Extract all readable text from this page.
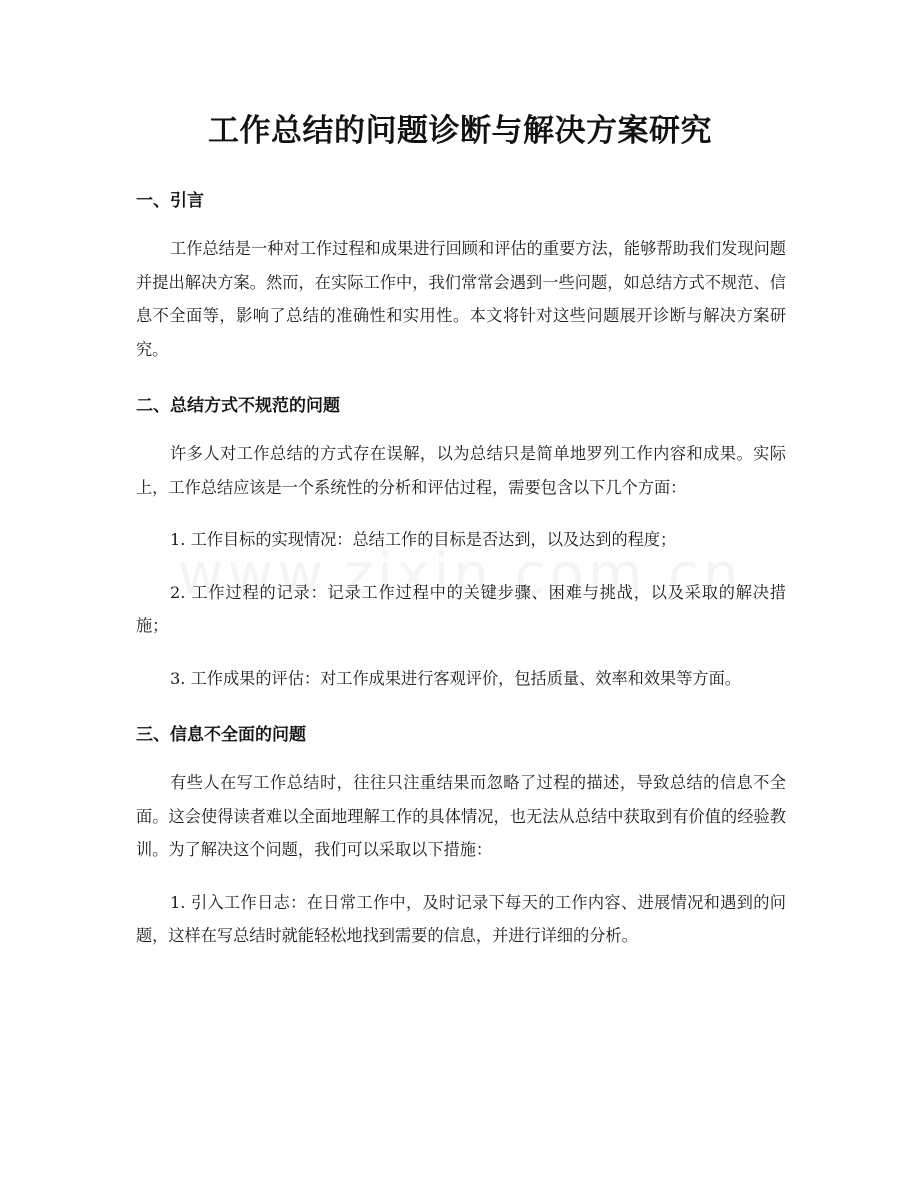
工作总结的问题诊断与解决方案研究
一、引言

工作总结是一种对工作过程和成果进行回顾和评估的重要方法，能够帮助我们发现问题并提出解决方案。然而，在实际工作中，我们常常会遇到一些问题，如总结方式不规范、信息不全面等，影响了总结的准确性和实用性。本文将针对这些问题展开诊断与解决方案研究。

二、总结方式不规范的问题

许多人对工作总结的方式存在误解，以为总结只是简单地罗列工作内容和成果。实际上，工作总结应该是一个系统性的分析和评估过程，需要包含以下几个方面：

1. 工作目标的实现情况：总结工作的目标是否达到，以及达到的程度；

2. 工作过程的记录：记录工作过程中的关键步骤、困难与挑战，以及采取的解决措施；

3. 工作成果的评估：对工作成果进行客观评价，包括质量、效率和效果等方面。

三、信息不全面的问题

有些人在写工作总结时，往往只注重结果而忽略了过程的描述，导致总结的信息不全面。这会使得读者难以全面地理解工作的具体情况，也无法从总结中获取到有价值的经验教训。为了解决这个问题，我们可以采取以下措施：

1. 引入工作日志：在日常工作中，及时记录下每天的工作内容、进展情况和遇到的问题，这样在写总结时就能轻松地找到需要的信息，并进行详细的分析。
